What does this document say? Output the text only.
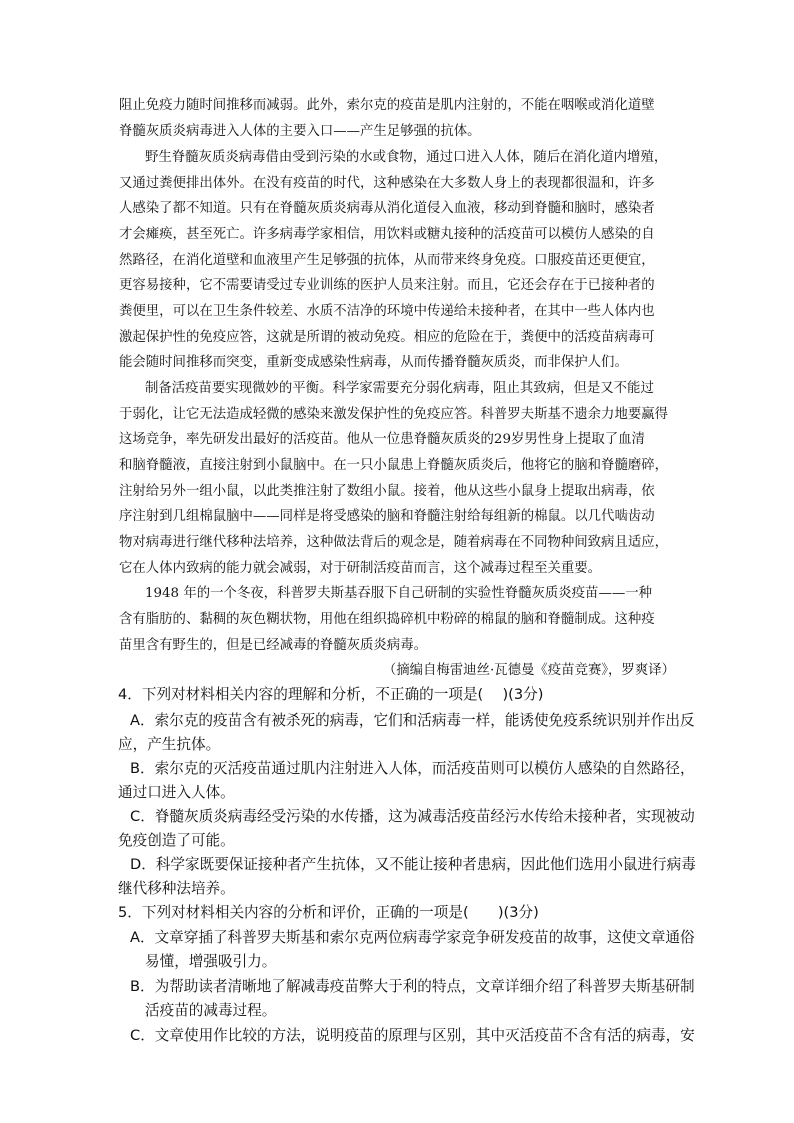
阻止免疫力随时间推移而减弱。此外，索尔克的疫苗是肌内注射的，不能在咽喉或消化道壁
脊髓灰质炎病毒进入人体的主要入口——产生足够强的抗体。
野生脊髓灰质炎病毒借由受到污染的水或食物，通过口进入人体，随后在消化道内增殖，
又通过粪便排出体外。在没有疫苗的时代，这种感染在大多数人身上的表现都很温和，许多
人感染了都不知道。只有在脊髓灰质炎病毒从消化道侵入血液，移动到脊髓和脑时，感染者
才会瘫痪，甚至死亡。许多病毒学家相信，用饮料或糖丸接种的活疫苗可以模仿人感染的自
然路径，在消化道壁和血液里产生足够强的抗体，从而带来终身免疫。口服疫苗还更便宜，
更容易接种，它不需要请受过专业训练的医护人员来注射。而且，它还会存在于已接种者的
粪便里，可以在卫生条件较差、水质不洁净的环境中传递给未接种者，在其中一些人体内也
激起保护性的免疫应答，这就是所谓的被动免疫。相应的危险在于，粪便中的活疫苗病毒可
能会随时间推移而突变，重新变成感染性病毒，从而传播脊髓灰质炎，而非保护人们。
制备活疫苗要实现微妙的平衡。科学家需要充分弱化病毒，阻止其致病，但是又不能过
于弱化，让它无法造成轻微的感染来激发保护性的免疫应答。科普罗夫斯基不遗余力地要赢得
这场竞争，率先研发出最好的活疫苗。他从一位患脊髓灰质炎的29岁男性身上提取了血清
和脑脊髓液，直接注射到小鼠脑中。在一只小鼠患上脊髓灰质炎后，他将它的脑和脊髓磨碎，
注射给另外一组小鼠，以此类推注射了数组小鼠。接着，他从这些小鼠身上提取出病毒，依
序注射到几组棉鼠脑中——同样是将受感染的脑和脊髓注射给每组新的棉鼠。以几代啮齿动
物对病毒进行继代移种法培养，这种做法背后的观念是，随着病毒在不同物种间致病且适应，
它在人体内致病的能力就会减弱，对于研制活疫苗而言，这个减毒过程至关重要。
1948 年的一个冬夜，科普罗夫斯基吞服下自己研制的实验性脊髓灰质炎疫苗——一种
含有脂肪的、黏稠的灰色糊状物，用他在组织捣碎机中粉碎的棉鼠的脑和脊髓制成。这种疫
苗里含有野生的，但是已经减毒的脊髓灰质炎病毒。
（摘编自梅雷迪丝·瓦德曼《疫苗竞赛》，罗爽译）
4．下列对材料相关内容的理解和分析，不正确的一项是(　 )(3分)
A．索尔克的疫苗含有被杀死的病毒，它们和活病毒一样，能诱使免疫系统识别并作出反
应，产生抗体。
B．索尔克的灭活疫苗通过肌内注射进入人体，而活疫苗则可以模仿人感染的自然路径，
通过口进入人体。
C．脊髓灰质炎病毒经受污染的水传播，这为减毒活疫苗经污水传给未接种者，实现被动
免疫创造了可能。
D．科学家既要保证接种者产生抗体，又不能让接种者患病，因此他们选用小鼠进行病毒
继代移种法培养。
5．下列对材料相关内容的分析和评价，正确的一项是(　　)(3分)
A．文章穿插了科普罗夫斯基和索尔克两位病毒学家竞争研发疫苗的故事，这使文章通俗
易懂，增强吸引力。
B．为帮助读者清晰地了解减毒疫苗弊大于利的特点，文章详细介绍了科普罗夫斯基研制
活疫苗的减毒过程。
C．文章使用作比较的方法，说明疫苗的原理与区别，其中灭活疫苗不含有活的病毒，安
